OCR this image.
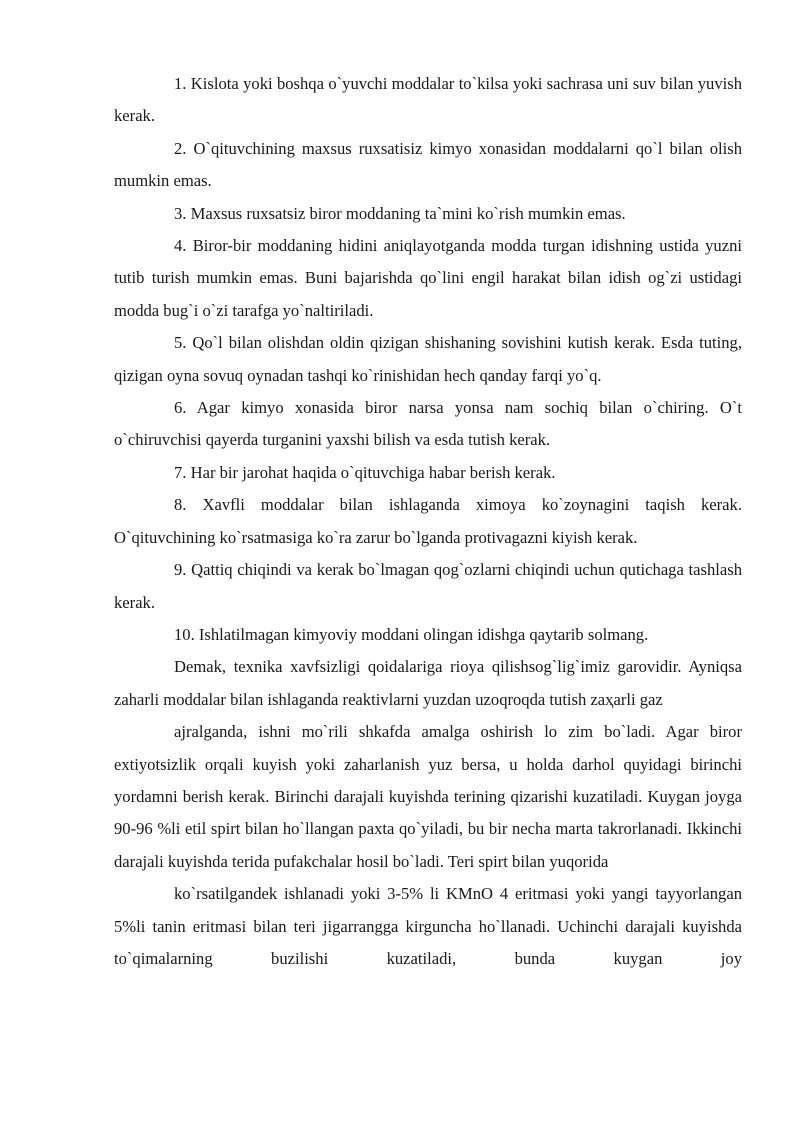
1. Kislota yoki boshqa o`yuvchi moddalar to`kilsa yoki sachrasa uni suv bilan yuvish kerak.

2. O`qituvchining maxsus ruxsatisiz kimyo xonasidan moddalarni qo`l bilan olish mumkin emas.

3. Maxsus ruxsatsiz biror moddaning ta`mini ko`rish mumkin emas.

4. Biror-bir moddaning hidini aniqlayotganda modda turgan idishning ustida yuzni tutib turish mumkin emas. Buni bajarishda qo`lini engil harakat bilan idish og`zi ustidagi modda bug`i o`zi tarafga yo`naltiriladi.

5. Qo`l bilan olishdan oldin qizigan shishaning sovishini kutish kerak. Esda tuting, qizigan oyna sovuq oynadan tashqi ko`rinishidan hech qanday farqi yo`q.

6. Agar kimyo xonasida biror narsa yonsa nam sochiq bilan o`chiring. O`t o`chiruvchisi qayerda turganini yaxshi bilish va esda tutish kerak.

7. Har bir jarohat haqida o`qituvchiga habar berish kerak.

8. Xavfli moddalar bilan ishlaganda ximoya ko`zoynagini taqish kerak. O`qituvchining ko`rsatmasiga ko`ra zarur bo`lganda protivagazni kiyish kerak.

9. Qattiq chiqindi va kerak bo`lmagan qog`ozlarni chiqindi uchun qutichaga tashlash kerak.

10. Ishlatilmagan kimyoviy moddani olingan idishga qaytarib solmang.

Demak, texnika xavfsizligi qoidalariga rioya qilishsog`lig`imiz garovidir. Ayniqsa zaharli moddalar bilan ishlaganda reaktivlarni yuzdan uzoqroqda tutish zaҳarli gaz

ajralganda, ishni mo`rili shkafda amalga oshirish lo zim bo`ladi. Agar biror extiyotsizlik orqali kuyish yoki zaharlanish yuz bersa, u holda darhol quyidagi birinchi yordamni berish kerak. Birinchi darajali kuyishda terining qizarishi kuzatiladi. Kuygan joyga 90-96 %li etil spirt bilan ho`llangan paxta qo`yiladi, bu bir necha marta takrorlanadi. Ikkinchi darajali kuyishda terida pufakchalar hosil bo`ladi. Teri spirt bilan yuqorida

ko`rsatilgandek ishlanadi yoki 3-5% li KMnO 4 eritmasi yoki yangi tayyorlangan 5%li tanin eritmasi bilan teri jigarrangga kirguncha ho`llanadi. Uchinchi darajali kuyishda to`qimalarning buzilishi kuzatiladi, bunda kuygan joy
